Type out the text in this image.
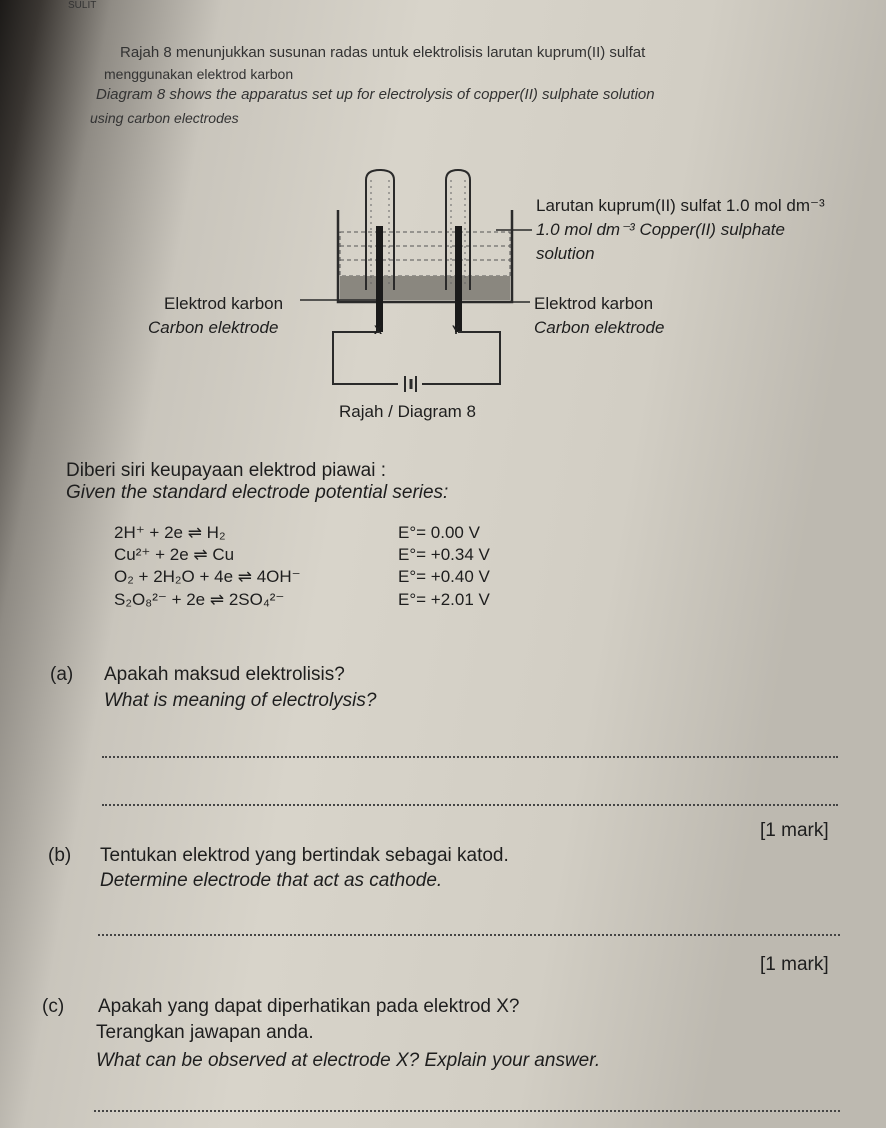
SULIT
Rajah 8 menunjukkan susunan radas untuk elektrolisis larutan kuprum(II) sulfat
menggunakan elektrod karbon
Diagram 8 shows the apparatus set up for electrolysis of copper(II) sulphate solution
using carbon electrodes
Larutan kuprum(II) sulfat 1.0 mol dm⁻³
1.0 mol dm⁻³ Copper(II) sulphate
solution
Elektrod karbon
Carbon elektrode
Elektrod karbon
Carbon elektrode
X	Y
Rajah / Diagram 8
Diberi siri keupayaan elektrod piawai :
Given the standard electrode potential series:
2H⁺ + 2e ⇌ H₂	E°= 0.00 V
Cu²⁺ + 2e ⇌ Cu	E°= +0.34 V
O₂ + 2H₂O + 4e ⇌ 4OH⁻	E°= +0.40 V
S₂O₈²⁻ + 2e ⇌ 2SO₄²⁻	E°= +2.01 V
(a) Apakah maksud elektrolisis?
What is meaning of electrolysis?
[1 mark]
(b) Tentukan elektrod yang bertindak sebagai katod.
Determine electrode that act as cathode.
[1 mark]
(c) Apakah yang dapat diperhatikan pada elektrod X?
Terangkan jawapan anda.
What can be observed at electrode X? Explain your answer.
